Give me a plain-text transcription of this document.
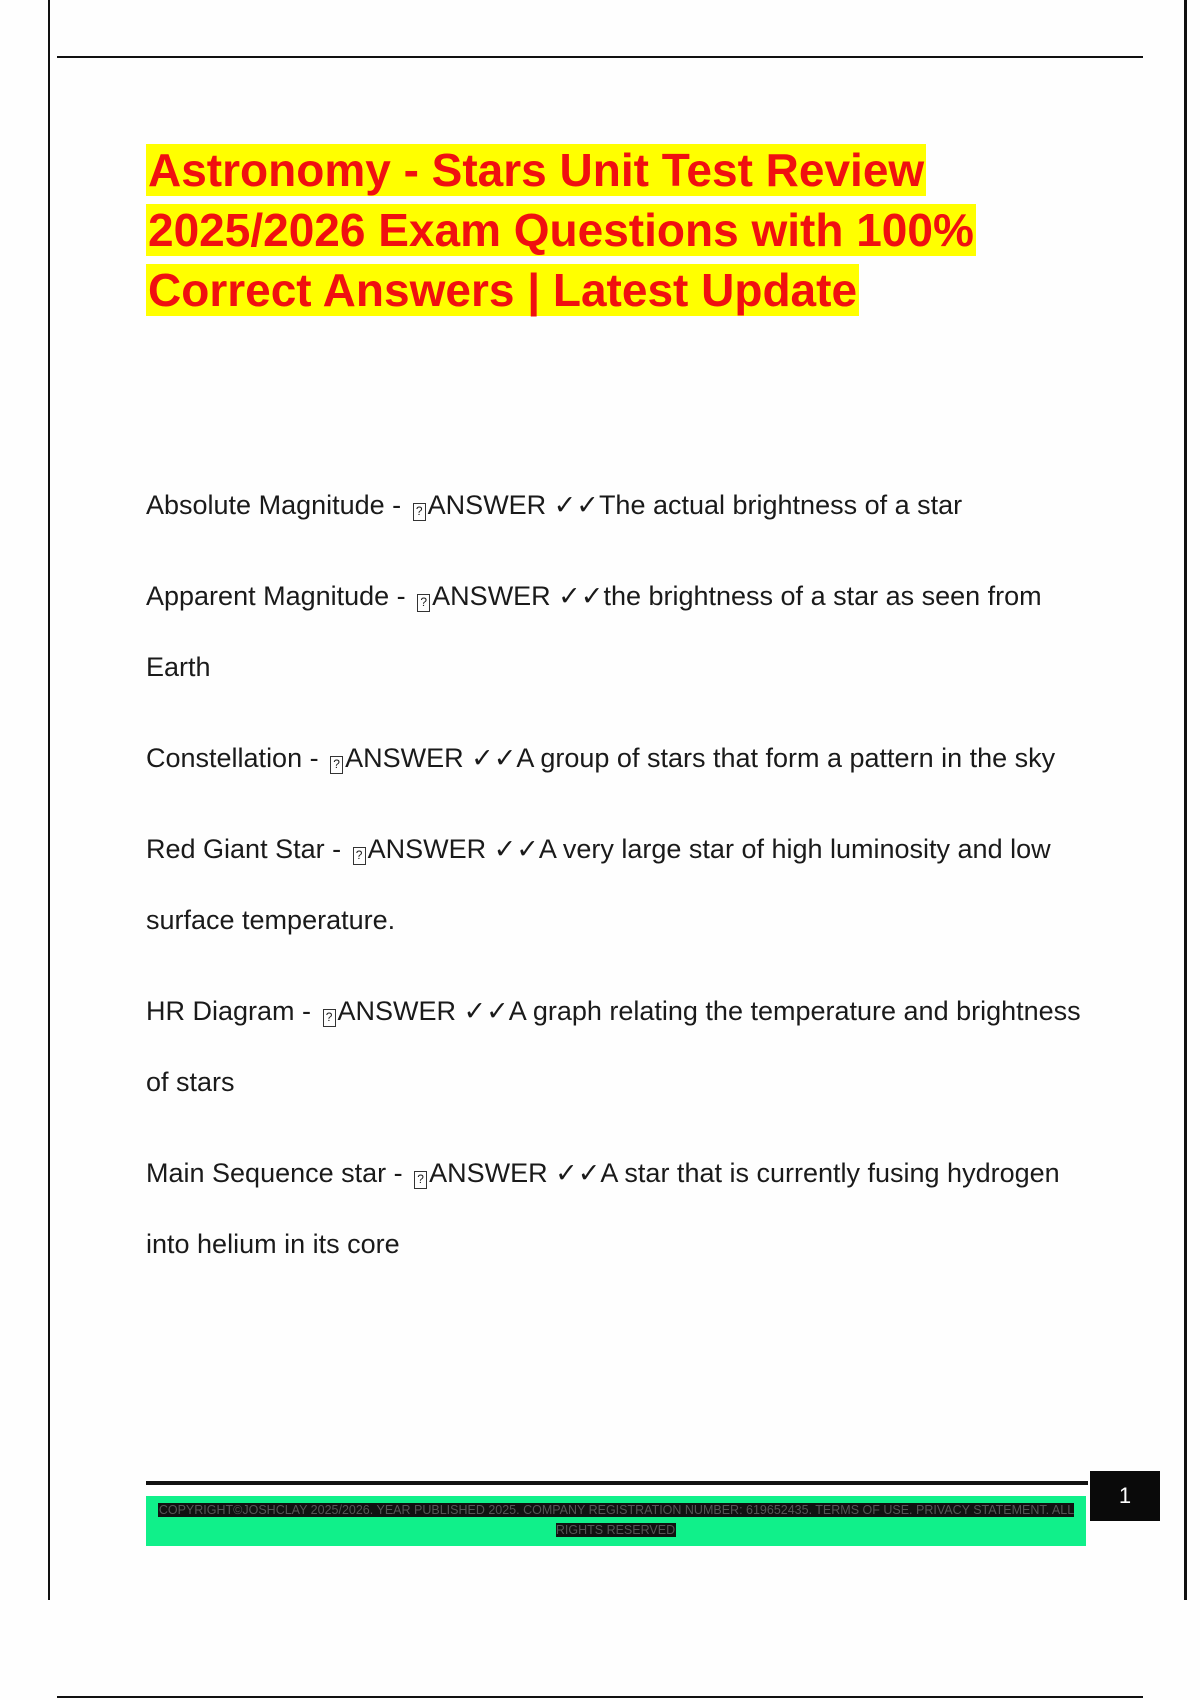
Astronomy - Stars Unit Test Review 2025/2026 Exam Questions with 100% Correct Answers | Latest Update
Absolute Magnitude - ? ANSWER ✓✓The actual brightness of a star
Apparent Magnitude - ? ANSWER ✓✓the brightness of a star as seen from Earth
Constellation - ? ANSWER ✓✓A group of stars that form a pattern in the sky
Red Giant Star - ? ANSWER ✓✓A very large star of high luminosity and low surface temperature.
HR Diagram - ? ANSWER ✓✓A graph relating the temperature and brightness of stars
Main Sequence star - ? ANSWER ✓✓A star that is currently fusing hydrogen into helium in its core
COPYRIGHT©JOSHCLAY 2025/2026. YEAR PUBLISHED 2025. COMPANY REGISTRATION NUMBER: 619652435. TERMS OF USE. PRIVACY STATEMENT. ALL RIGHTS RESERVED
1
